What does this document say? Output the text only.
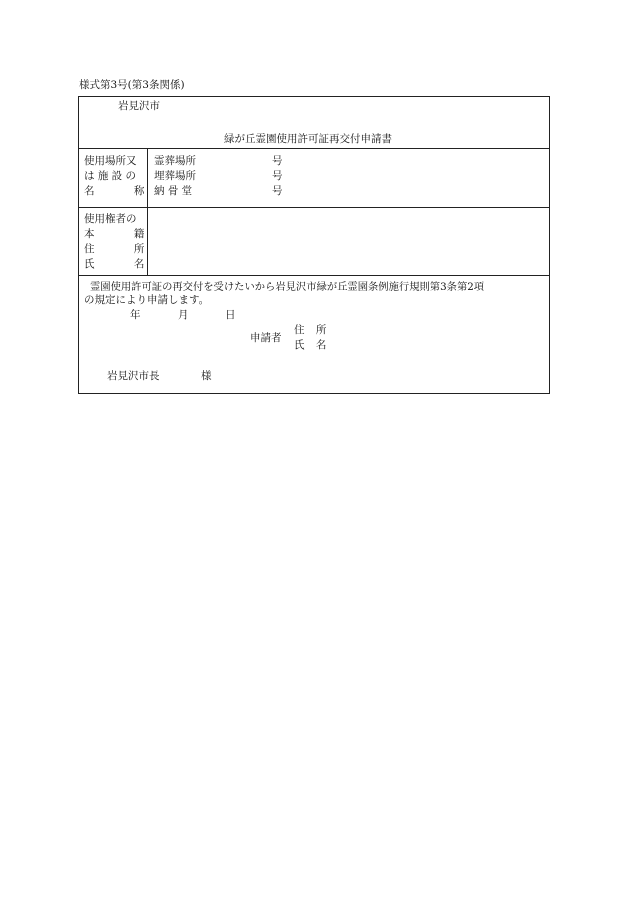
様式第3号(第3条関係)
岩見沢市
緑が丘霊園使用許可証再交付申請書
使用場所又
は 施 設 の
名 称
霊葬場所	号
埋葬場所	号
納 骨 堂	号
使用権者の
本 籍
住 所
氏 名
霊園使用許可証の再交付を受けたいから岩見沢市緑が丘霊園条例施行規則第3条第2項
の規定により申請します。
年	月	日
申請者
住 所
氏 名
岩見沢市長	様
